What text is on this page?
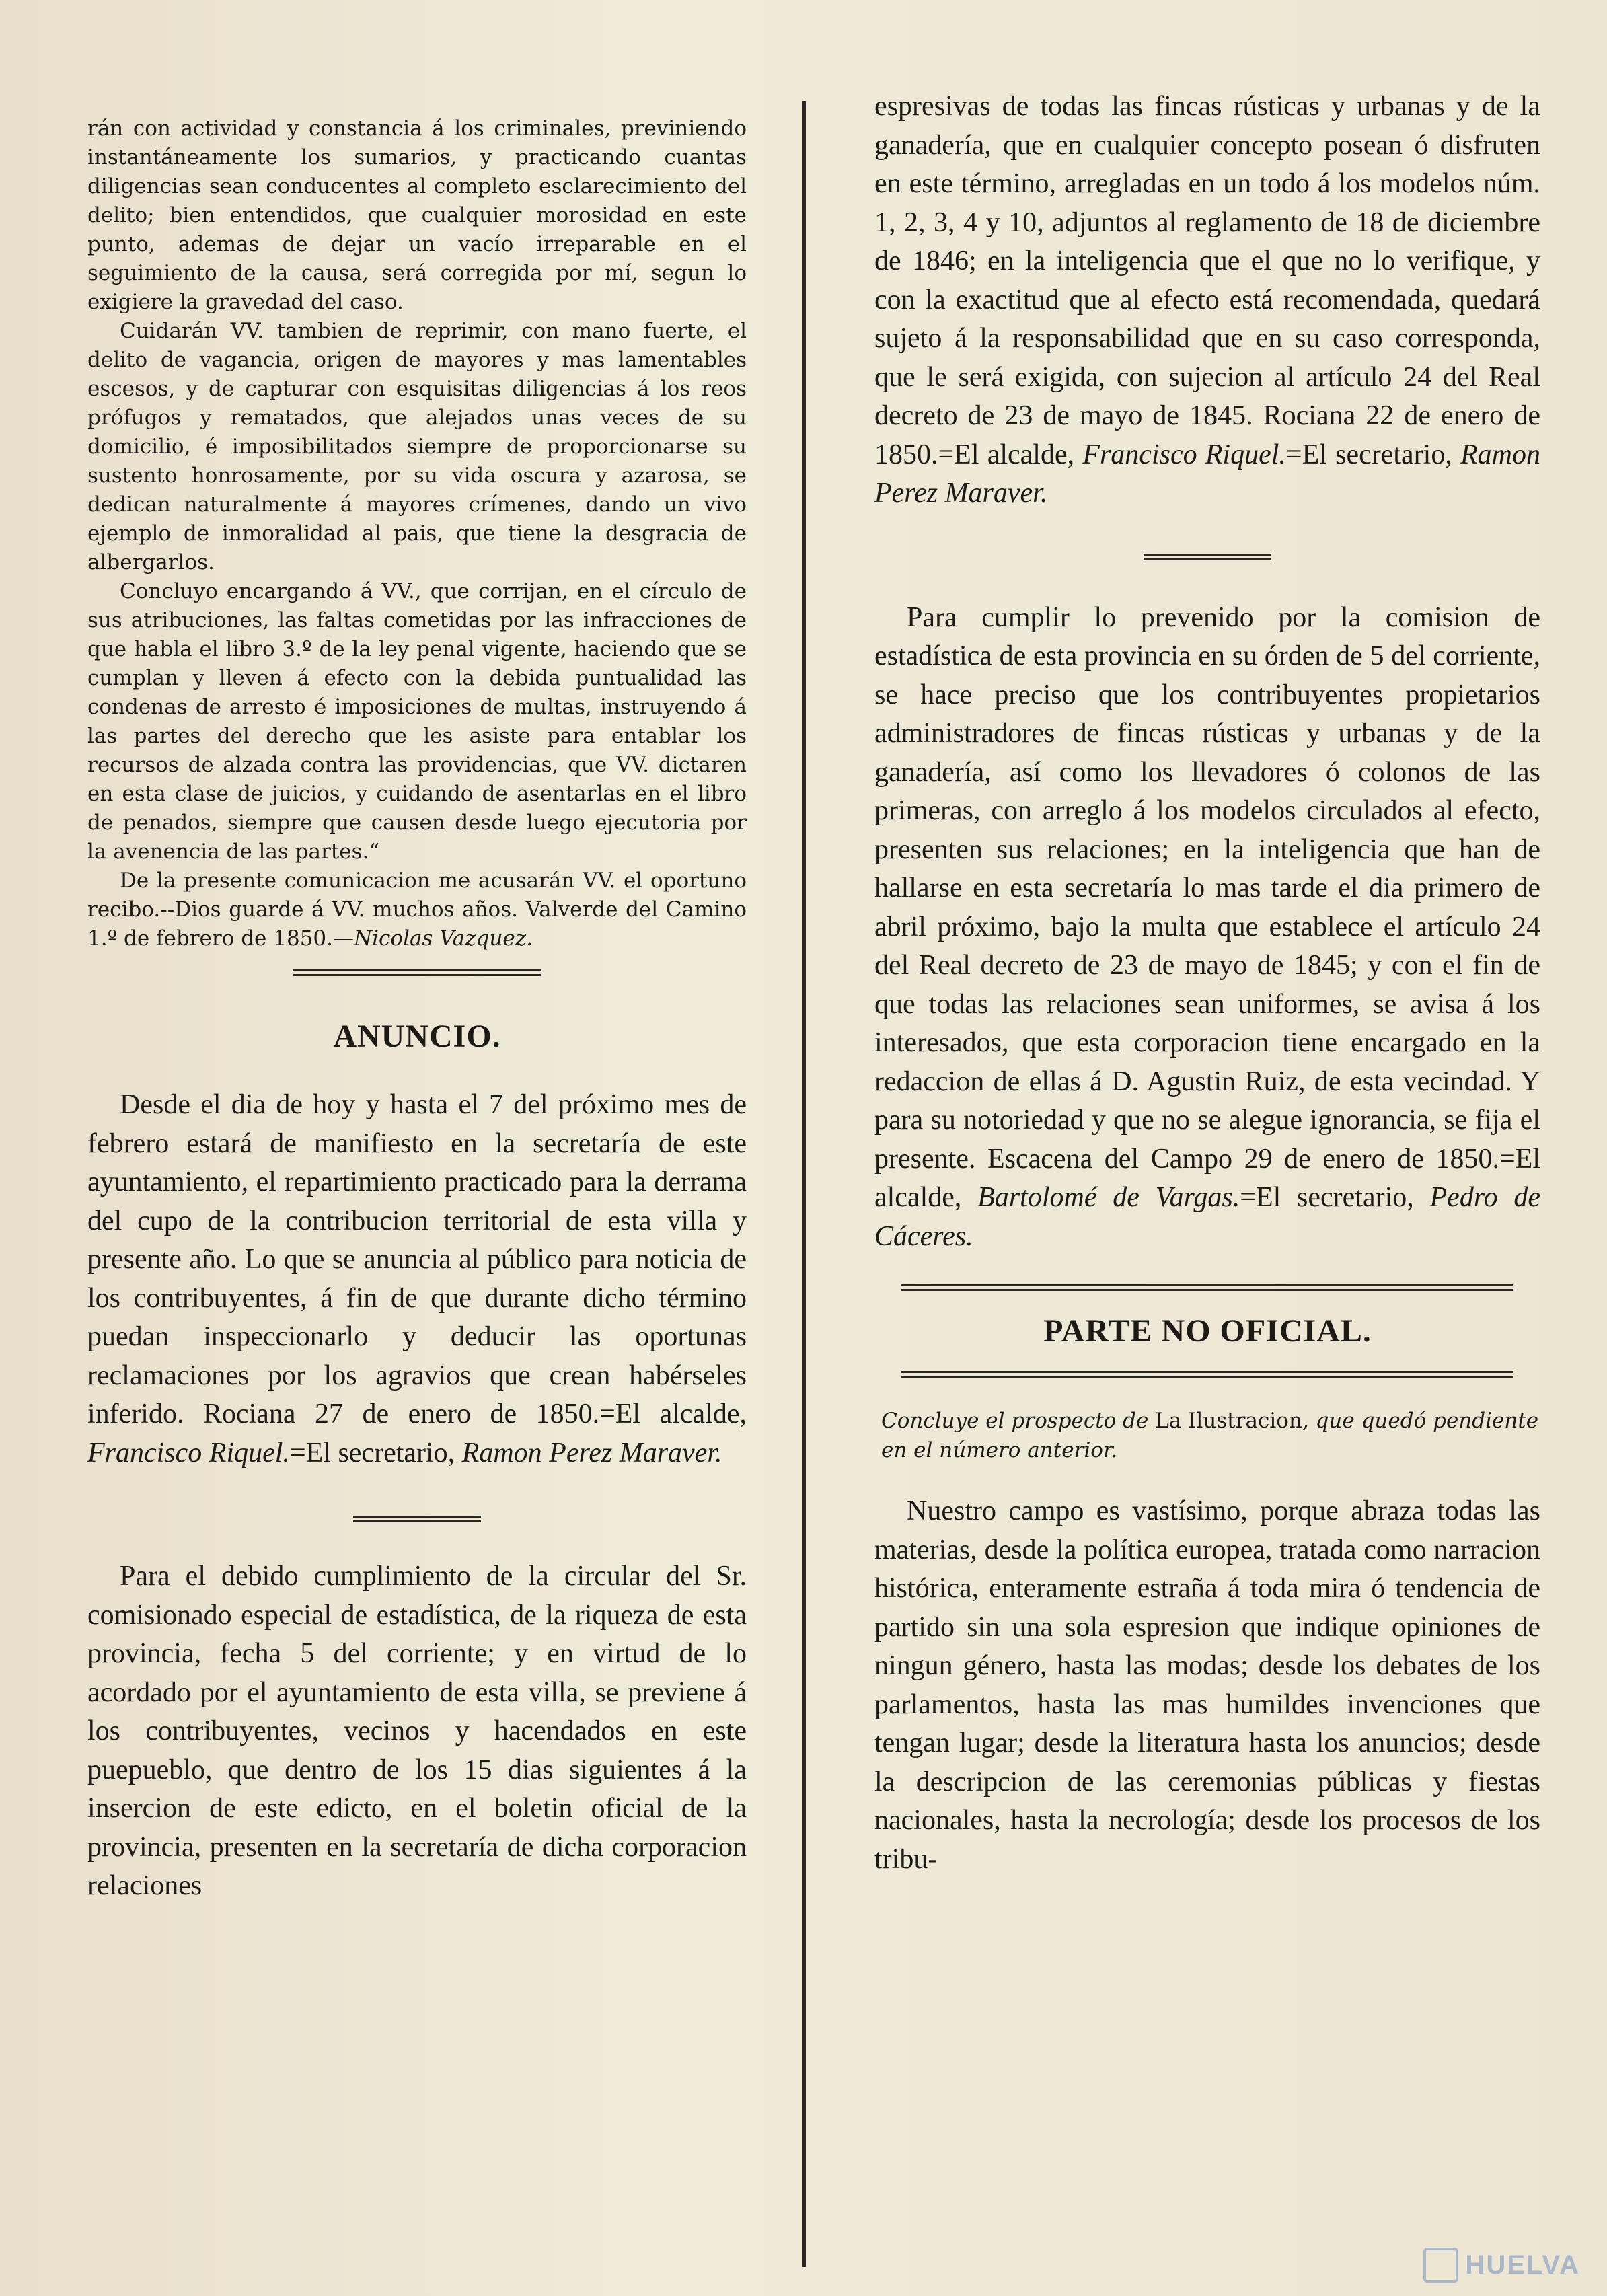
rán con actividad y constancia á los criminales, previniendo instantáneamente los sumarios, y practicando cuantas diligencias sean conducentes al completo esclarecimiento del delito; bien entendidos, que cualquier morosidad en este punto, ademas de dejar un vacío irreparable en el seguimiento de la causa, será corregida por mí, segun lo exigiere la gravedad del caso.

Cuidarán VV. tambien de reprimir, con mano fuerte, el delito de vagancia, origen de mayores y mas lamentables escesos, y de capturar con esquisitas diligencias á los reos prófugos y rematados, que alejados unas veces de su domicilio, é imposibilitados siempre de proporcionarse su sustento honrosamente, por su vida oscura y azarosa, se dedican naturalmente á mayores crímenes, dando un vivo ejemplo de inmoralidad al pais, que tiene la desgracia de albergarlos.

Concluyo encargando á VV., que corrijan, en el círculo de sus atribuciones, las faltas cometidas por las infracciones de que habla el libro 3.º de la ley penal vigente, haciendo que se cumplan y lleven á efecto con la debida puntualidad las condenas de arresto é imposiciones de multas, instruyendo á las partes del derecho que les asiste para entablar los recursos de alzada contra las providencias, que VV. dictaren en esta clase de juicios, y cuidando de asentarlas en el libro de penados, siempre que causen desde luego ejecutoria por la avenencia de las partes.“

De la presente comunicacion me acusarán VV. el oportuno recibo.--Dios guarde á VV. muchos años. Valverde del Camino 1.º de febrero de 1850.—Nicolas Vazquez.

ANUNCIO.

Desde el dia de hoy y hasta el 7 del próximo mes de febrero estará de manifiesto en la secretaría de este ayuntamiento, el repartimiento practicado para la derrama del cupo de la contribucion territorial de esta villa y presente año. Lo que se anuncia al público para noticia de los contribuyentes, á fin de que durante dicho término puedan inspeccionarlo y deducir las oportunas reclamaciones por los agravios que crean habérseles inferido. Rociana 27 de enero de 1850.=El alcalde, Francisco Riquel.=El secretario, Ramon Perez Maraver.

Para el debido cumplimiento de la circular del Sr. comisionado especial de estadística, de la riqueza de esta provincia, fecha 5 del corriente; y en virtud de lo acordado por el ayuntamiento de esta villa, se previene á los contribuyentes, vecinos y hacendados en este puepueblo, que dentro de los 15 dias siguientes á la insercion de este edicto, en el boletin oficial de la provincia, presenten en la secretaría de dicha corporacion relaciones

espresivas de todas las fincas rústicas y urbanas y de la ganadería, que en cualquier concepto posean ó disfruten en este término, arregladas en un todo á los modelos núm. 1, 2, 3, 4 y 10, adjuntos al reglamento de 18 de diciembre de 1846; en la inteligencia que el que no lo verifique, y con la exactitud que al efecto está recomendada, quedará sujeto á la responsabilidad que en su caso corresponda, que le será exigida, con sujecion al artículo 24 del Real decreto de 23 de mayo de 1845. Rociana 22 de enero de 1850.=El alcalde, Francisco Riquel.=El secretario, Ramon Perez Maraver.

Para cumplir lo prevenido por la comision de estadística de esta provincia en su órden de 5 del corriente, se hace preciso que los contribuyentes propietarios administradores de fincas rústicas y urbanas y de la ganadería, así como los llevadores ó colonos de las primeras, con arreglo á los modelos circulados al efecto, presenten sus relaciones; en la inteligencia que han de hallarse en esta secretaría lo mas tarde el dia primero de abril próximo, bajo la multa que establece el artículo 24 del Real decreto de 23 de mayo de 1845; y con el fin de que todas las relaciones sean uniformes, se avisa á los interesados, que esta corporacion tiene encargado en la redaccion de ellas á D. Agustin Ruiz, de esta vecindad. Y para su notoriedad y que no se alegue ignorancia, se fija el presente. Escacena del Campo 29 de enero de 1850.=El alcalde, Bartolomé de Vargas.=El secretario, Pedro de Cáceres.

PARTE NO OFICIAL.

Concluye el prospecto de La Ilustracion, que quedó pendiente en el número anterior.

Nuestro campo es vastísimo, porque abraza todas las materias, desde la política europea, tratada como narracion histórica, enteramente estraña á toda mira ó tendencia de partido sin una sola espresion que indique opiniones de ningun género, hasta las modas; desde los debates de los parlamentos, hasta las mas humildes invenciones que tengan lugar; desde la literatura hasta los anuncios; desde la descripcion de las ceremonias públicas y fiestas nacionales, hasta la necrología; desde los procesos de los tribu-

HUELVA
